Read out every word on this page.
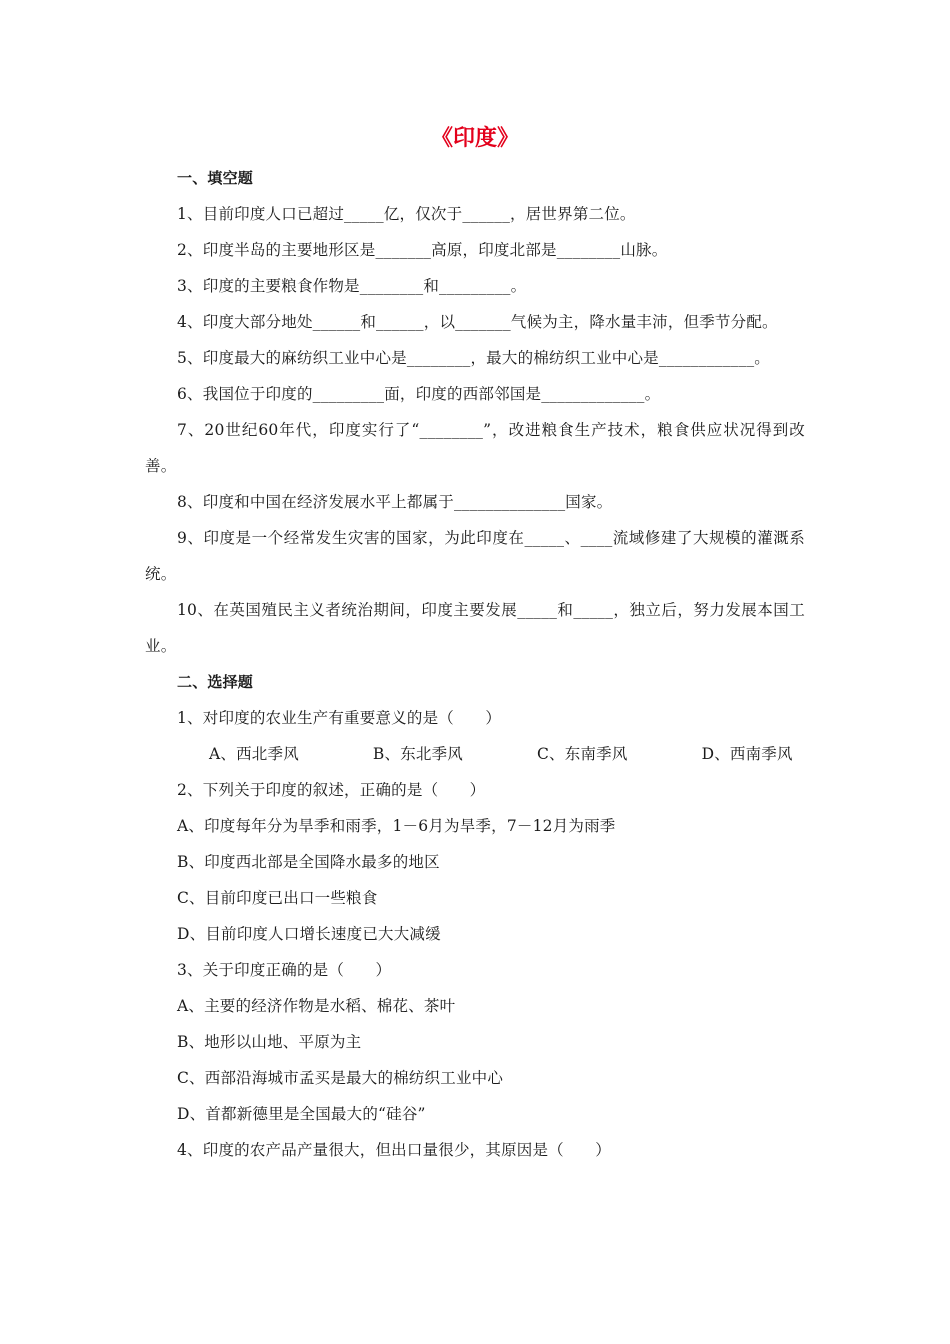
《印度》
一、填空题
1、目前印度人口已超过_____亿，仅次于______，居世界第二位。
2、印度半岛的主要地形区是_______高原，印度北部是________山脉。
3、印度的主要粮食作物是________和_________。
4、印度大部分地处______和______，以_______气候为主，降水量丰沛，但季节分配。
5、印度最大的麻纺织工业中心是________，最大的棉纺织工业中心是____________。
6、我国位于印度的_________面，印度的西部邻国是_____________。
7、20世纪60年代，印度实行了“________”，改进粮食生产技术，粮食供应状况得到改善。
8、印度和中国在经济发展水平上都属于______________国家。
9、印度是一个经常发生灾害的国家，为此印度在_____、____流域修建了大规模的灌溉系统。
10、在英国殖民主义者统治期间，印度主要发展_____和_____，独立后，努力发展本国工业。
二、选择题
1、对印度的农业生产有重要意义的是（　　）
A、西北季风	B、东北季风	C、东南季风	D、西南季风
2、下列关于印度的叙述，正确的是（　　）
A、印度每年分为旱季和雨季，1－6月为旱季，7－12月为雨季
B、印度西北部是全国降水最多的地区
C、目前印度已出口一些粮食
D、目前印度人口增长速度已大大减缓
3、关于印度正确的是（　　）
A、主要的经济作物是水稻、棉花、茶叶
B、地形以山地、平原为主
C、西部沿海城市孟买是最大的棉纺织工业中心
D、首都新德里是全国最大的“硅谷”
4、印度的农产品产量很大，但出口量很少，其原因是（　　）
